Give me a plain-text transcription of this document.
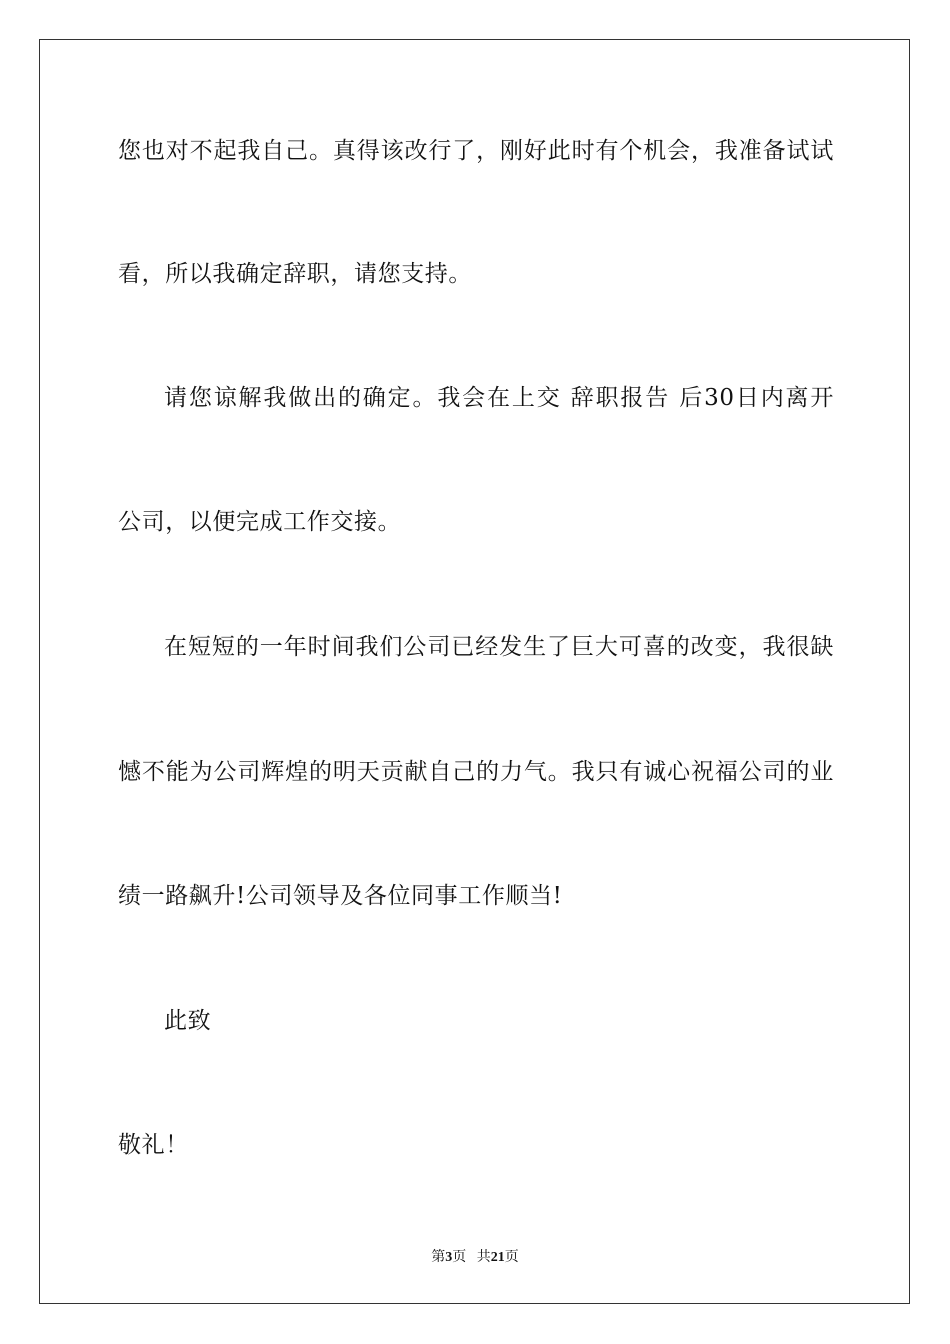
您也对不起我自己。真得该改行了，刚好此时有个机会，我准备试试
看，所以我确定辞职，请您支持。
请您谅解我做出的确定。我会在上交 辞职报告 后30日内离开
公司，以便完成工作交接。
在短短的一年时间我们公司已经发生了巨大可喜的改变，我很缺
憾不能为公司辉煌的明天贡献自己的力气。我只有诚心祝福公司的业
绩一路飙升!公司领导及各位同事工作顺当!
此致
敬礼！
第3页 共21页
